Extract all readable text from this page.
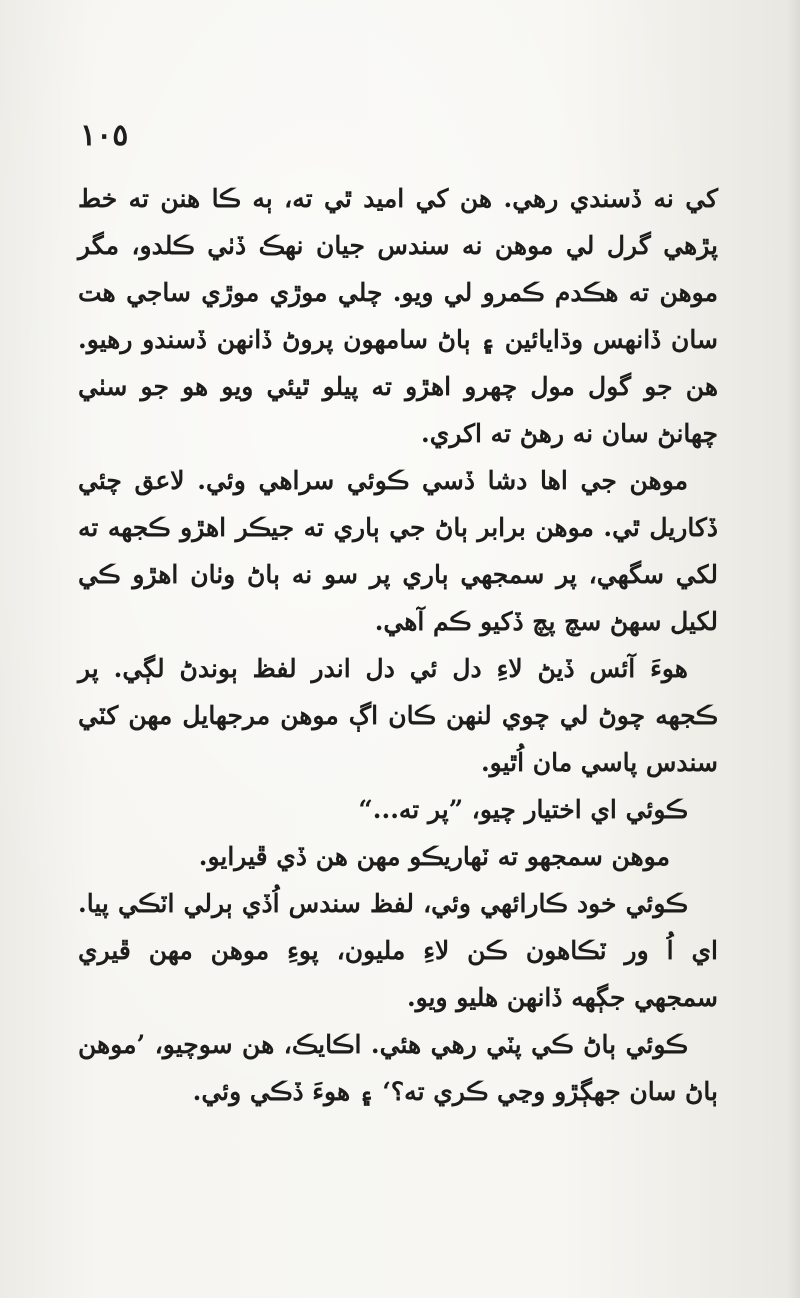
١٠٥

کي نه ڏسندي رهي. هن کي اميد ٿي ته، ٻه ڪا هنن ته خط پڙهي گرل لي موهن نه سندس جيان نهڪ ڏٺي ڪلدو، مگر موهن ته هڪدم ڪمرو لي ويو. چلي موڙي موڙي ساجي هت سان ڏانهس وڌايائين ۽ ٻاڻ سامهون پروڻ ڏانهن ڏسندو رهيو. هن جو گول مول چهرو اهڙو ته پيلو ٿيئي ويو هو جو سٺي چهانڻ سان نه رهڻ ته اکري.

موهن جي اها دشا ڏسي ڪوئي سراهي وئي. لاعق چئي ڏکاريل ٿي. موهن برابر ٻاڻ جي ٻاري ته جيڪر اهڙو ڪجهه ته لکي سگهي، پر سمجهي ٻاري پر سو نه ٻاڻ وٺان اهڙو ڪي لکيل سهڻ سچ پچ ڏکيو ڪم آهي.

هوءَ آئس ڏيڻ لاءِ دل ئي دل اندر لفظ ٻوندڻ لڳي. پر ڪجهه چوڻ لي چوي لنهن ڪان اڳ موهن مرجهايل مهن کٽي سندس پاسي مان اُٿيو.

ڪوئي اي اختيار چيو، ”پر ته...“

موهن سمجهو ته ٽهاريڪو مهن هن ڏي ڦيرايو.

ڪوئي خود ڪارائهي وئي، لفظ سندس اُڏي ٻرلي اٽڪي پيا. اي اُ ور ٽڪاهون ڪن لاءِ مليون، پوءِ موهن مهن ڦيري سمجهي جڳهه ڏانهن هليو ويو.

ڪوئي ٻاڻ ڪي پٽي رهي هئي. اڪايڪ، هن سوچيو، ’موهن ٻاڻ سان جهڳڙو وڃي ڪري ته؟‘ ۽ هوءَ ڏڪي وئي.
